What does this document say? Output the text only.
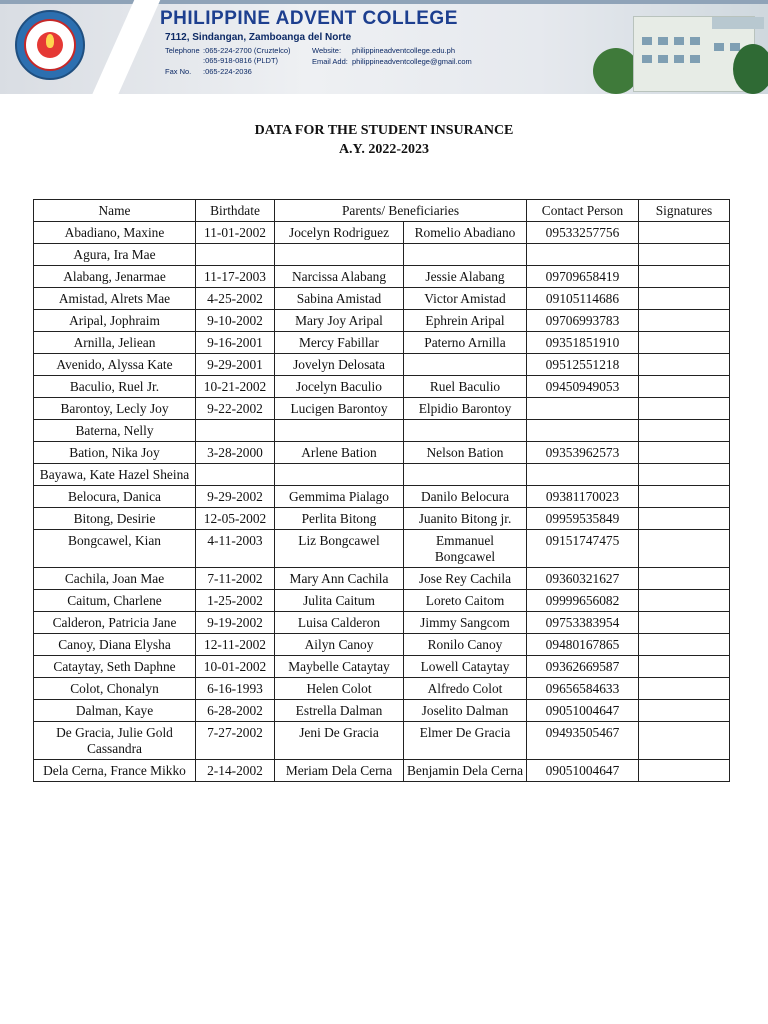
PHILIPPINE ADVENT COLLEGE
7112, Sindangan, Zamboanga del Norte
Telephone :065-224-2700 (Cruztelco)
:065-918-0816 (PLDT)
Fax No. :065-224-2036
Website: philippineadventcollege.edu.ph
Email Add: philippineadventcollege@gmail.com
DATA FOR THE STUDENT INSURANCE
A.Y. 2022-2023
Name	Birthdate	Parents/ Beneficiaries		Contact Person	Signatures
Abadiano, Maxine	11-01-2002	Jocelyn Rodriguez	Romelio Abadiano	09533257756	
Agura, Ira Mae					
Alabang, Jenarmae	11-17-2003	Narcissa Alabang	Jessie Alabang	09709658419	
Amistad, Alrets Mae	4-25-2002	Sabina Amistad	Victor Amistad	09105114686	
Aripal, Jophraim	9-10-2002	Mary Joy Aripal	Ephrein Aripal	09706993783	
Arnilla, Jeliean	9-16-2001	Mercy Fabillar	Paterno Arnilla	09351851910	
Avenido, Alyssa Kate	9-29-2001	Jovelyn Delosata		09512551218	
Baculio, Ruel Jr.	10-21-2002	Jocelyn Baculio	Ruel Baculio	09450949053	
Barontoy, Lecly Joy	9-22-2002	Lucigen Barontoy	Elpidio Barontoy		
Baterna, Nelly					
Bation, Nika Joy	3-28-2000	Arlene Bation	Nelson Bation	09353962573	
Bayawa, Kate Hazel Sheina					
Belocura, Danica	9-29-2002	Gemmima Pialago	Danilo Belocura	09381170023	
Bitong, Desirie	12-05-2002	Perlita Bitong	Juanito Bitong jr.	09959535849	
Bongcawel, Kian	4-11-2003	Liz Bongcawel	Emmanuel Bongcawel	09151747475	
Cachila, Joan Mae	7-11-2002	Mary Ann Cachila	Jose Rey Cachila	09360321627	
Caitum, Charlene	1-25-2002	Julita Caitum	Loreto Caitom	09999656082	
Calderon, Patricia Jane	9-19-2002	Luisa Calderon	Jimmy Sangcom	09753383954	
Canoy, Diana Elysha	12-11-2002	Ailyn Canoy	Ronilo Canoy	09480167865	
Cataytay, Seth Daphne	10-01-2002	Maybelle Cataytay	Lowell Cataytay	09362669587	
Colot, Chonalyn	6-16-1993	Helen Colot	Alfredo Colot	09656584633	
Dalman, Kaye	6-28-2002	Estrella Dalman	Joselito Dalman	09051004647	
De Gracia, Julie Gold Cassandra	7-27-2002	Jeni De Gracia	Elmer De Gracia	09493505467	
Dela Cerna, France Mikko	2-14-2002	Meriam Dela Cerna	Benjamin Dela Cerna	09051004647	
